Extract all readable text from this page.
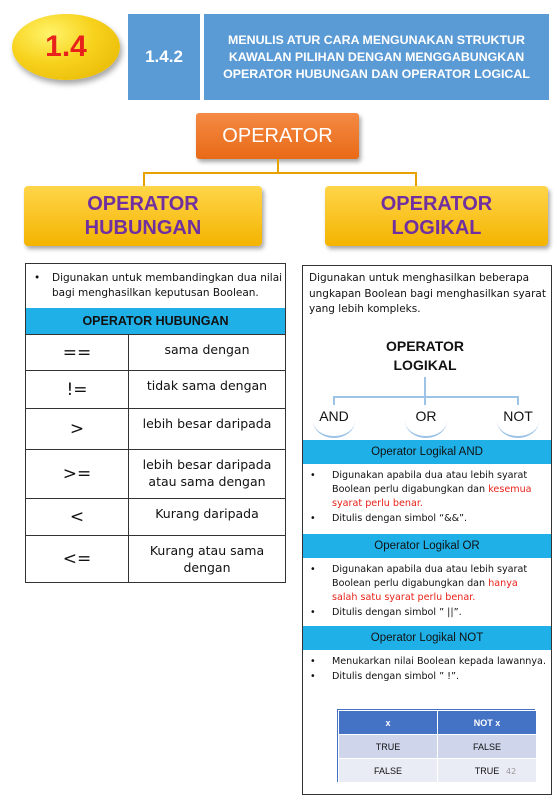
1.4	1.4.2
MENULIS ATUR CARA MENGUNAKAN STRUKTUR KAWALAN PILIHAN DENGAN MENGGABUNGKAN OPERATOR HUBUNGAN DAN OPERATOR LOGICAL
OPERATOR
OPERATOR
HUBUNGAN
OPERATOR
LOGIKAL
• Digunakan untuk membandingkan dua nilai bagi menghasilkan keputusan Boolean.
OPERATOR HUBUNGAN
==	sama dengan
!=	tidak sama dengan
>	lebih besar daripada
>=	lebih besar daripada atau sama dengan
<	Kurang daripada
<=	Kurang atau sama dengan
Digunakan untuk menghasilkan beberapa ungkapan Boolean bagi menghasilkan syarat yang lebih kompleks.
OPERATOR
LOGIKAL
AND	OR	NOT
Operator Logikal AND
• Digunakan apabila dua atau lebih syarat Boolean perlu digabungkan dan kesemua syarat perlu benar.
• Ditulis dengan simbol “&&”.
Operator Logikal OR
• Digunakan apabila dua atau lebih syarat Boolean perlu digabungkan dan hanya salah satu syarat perlu benar.
• Ditulis dengan simbol ” ||”.
Operator Logikal NOT
• Menukarkan nilai Boolean kepada lawannya.
• Ditulis dengan simbol ” !”.
x	NOT x
TRUE	FALSE
FALSE	TRUE 42
